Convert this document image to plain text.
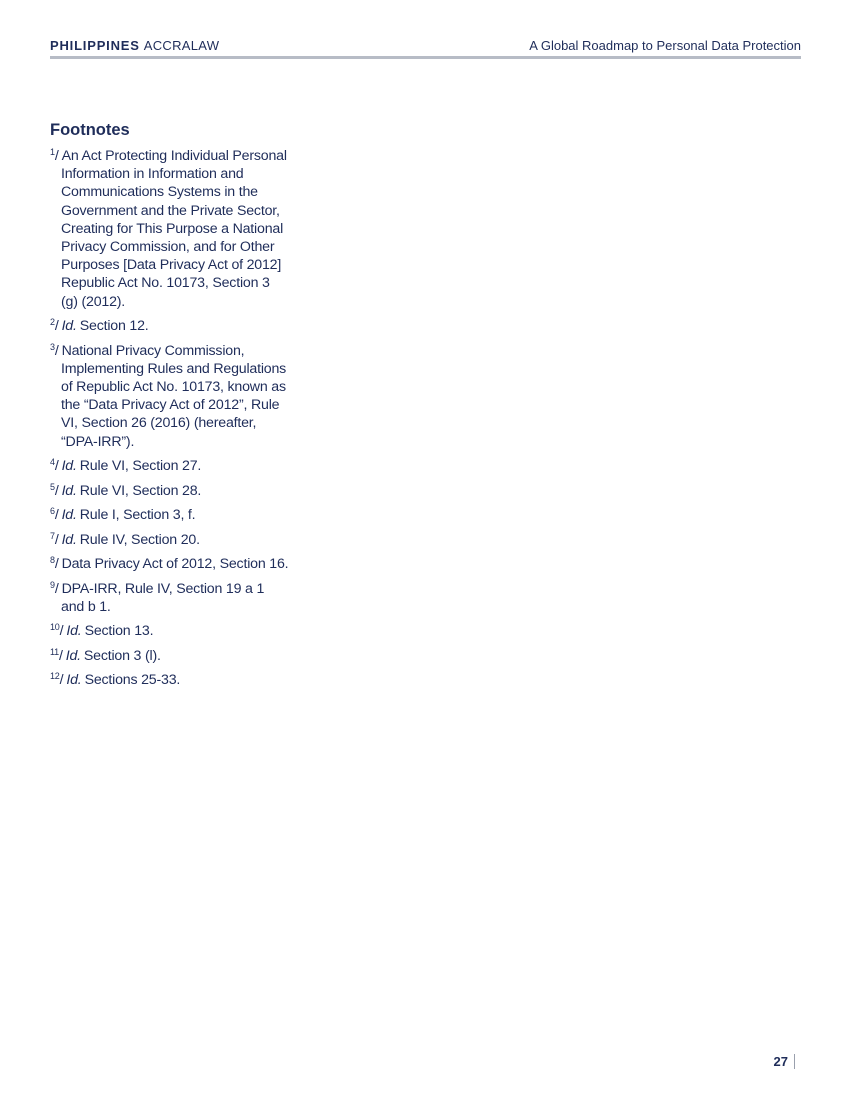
PHILIPPINES ACCRALAW	A Global Roadmap to Personal Data Protection
Footnotes
$^1$/ An Act Protecting Individual Personal Information in Information and Communications Systems in the Government and the Private Sector, Creating for This Purpose a National Privacy Commission, and for Other Purposes [Data Privacy Act of 2012] Republic Act No. 10173, Section 3 (g) (2012).
$^2$/ Id. Section 12.
$^3$/ National Privacy Commission, Implementing Rules and Regulations of Republic Act No. 10173, known as the “Data Privacy Act of 2012”, Rule VI, Section 26 (2016) (hereafter, “DPA-IRR”).
$^4$/ Id. Rule VI, Section 27.
$^5$/ Id. Rule VI, Section 28.
$^6$/ Id. Rule I, Section 3, f.
$^7$/ Id. Rule IV, Section 20.
$^8$/ Data Privacy Act of 2012, Section 16.
$^9$/ DPA-IRR, Rule IV, Section 19 a 1 and b 1.
$^{10}$/ Id. Section 13.
$^{11}$/ Id. Section 3 (l).
$^{12}$/ Id. Sections 25-33.
27
